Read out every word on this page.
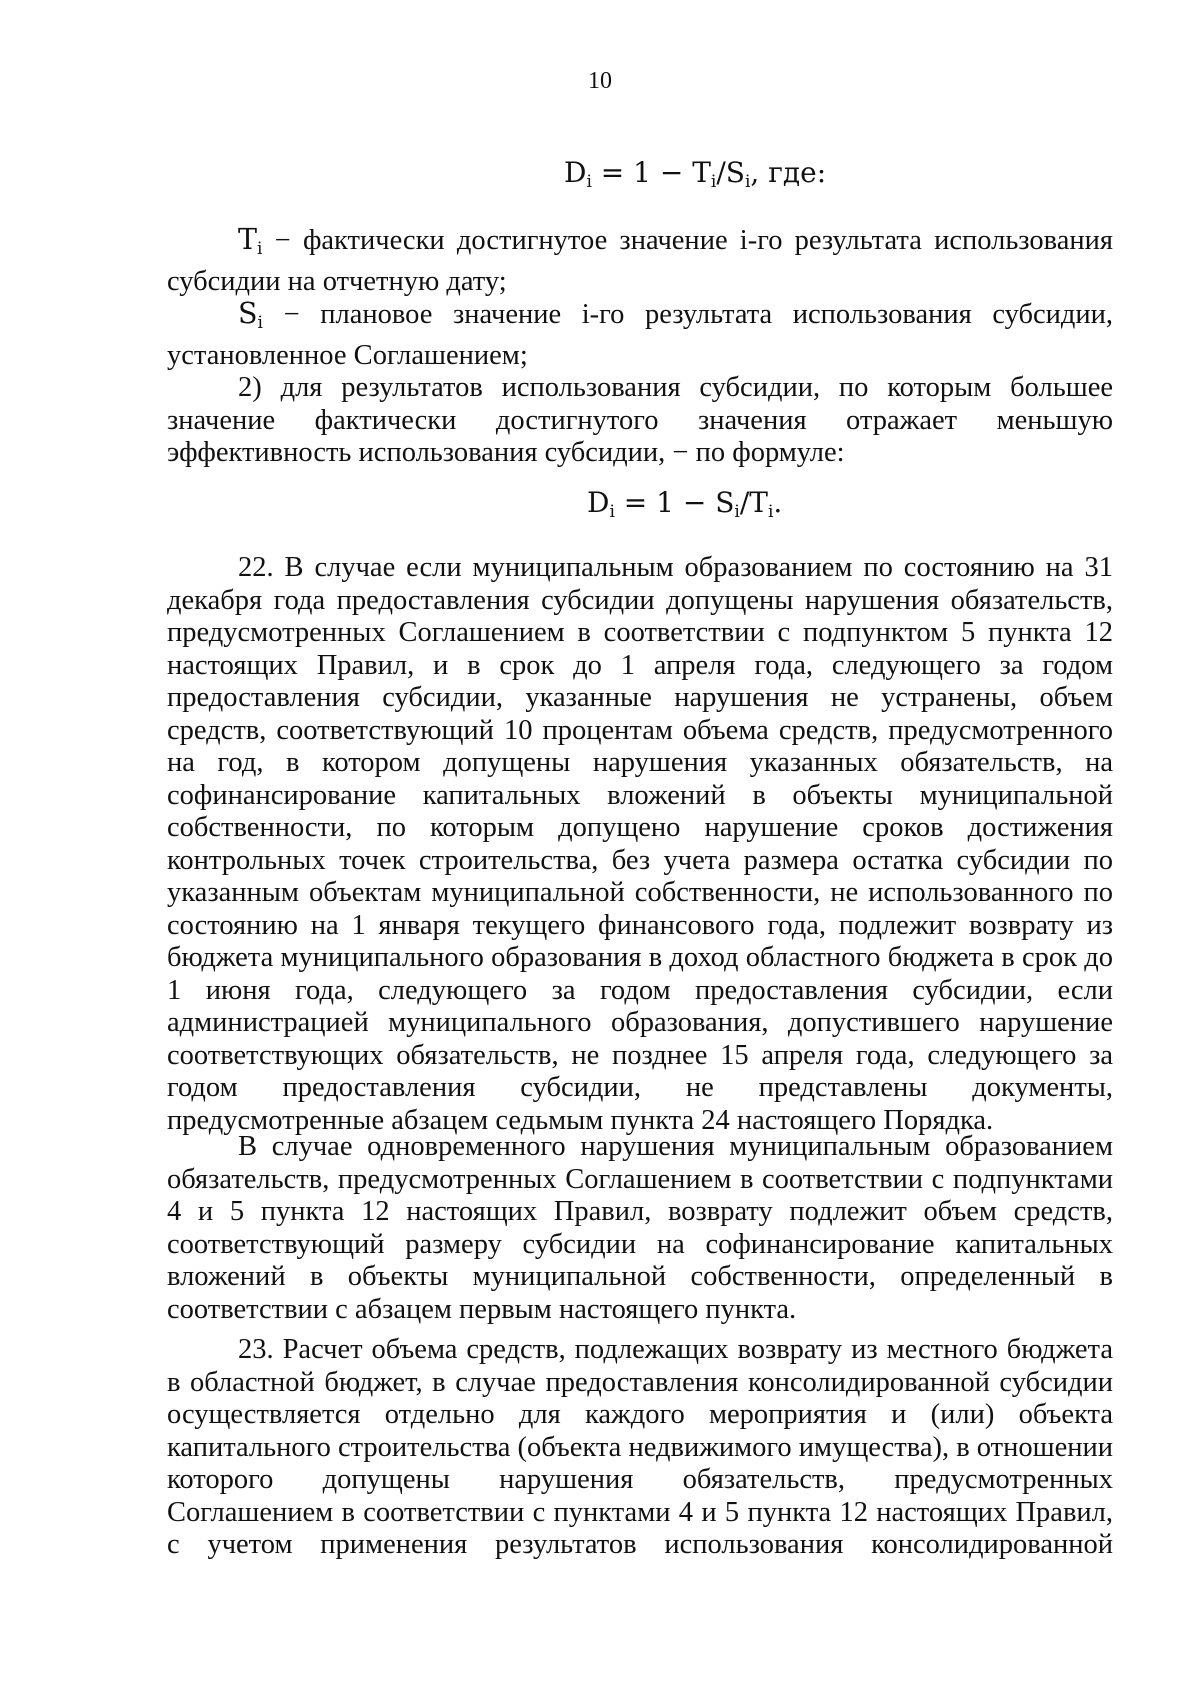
10
$D_i = 1 - T_i/S_i$, где:

$T_i$ − фактически достигнутое значение i-го результата использования

субсидии на отчетную дату;

$S_i$ − плановое значение i-го результата использования субсидии,

установленное Соглашением;

2) для результатов использования субсидии, по которым большее значение фактически достигнутого значения отражает меньшую эффективность использования субсидии, − по формуле:

$D_i = 1 - S_i/T_i$.

22. В случае если муниципальным образованием по состоянию на 31 декабря года предоставления субсидии допущены нарушения обязательств, предусмотренных Соглашением в соответствии с подпунктом 5 пункта 12 настоящих Правил, и в срок до 1 апреля года, следующего за годом предоставления субсидии, указанные нарушения не устранены, объем средств, соответствующий 10 процентам объема средств, предусмотренного на год, в котором допущены нарушения указанных обязательств, на софинансирование капитальных вложений в объекты муниципальной собственности, по которым допущено нарушение сроков достижения контрольных точек строительства, без учета размера остатка субсидии по указанным объектам муниципальной собственности, не использованного по состоянию на 1 января текущего финансового года, подлежит возврату из бюджета муниципального образования в доход областного бюджета в срок до 1 июня года, следующего за годом предоставления субсидии, если администрацией муниципального образования, допустившего нарушение соответствующих обязательств, не позднее 15 апреля года, следующего за годом предоставления субсидии, не представлены документы, предусмотренные абзацем седьмым пункта 24 настоящего Порядка.

В случае одновременного нарушения муниципальным образованием обязательств, предусмотренных Соглашением в соответствии с подпунктами 4 и 5 пункта 12 настоящих Правил, возврату подлежит объем средств, соответствующий размеру субсидии на софинансирование капитальных вложений в объекты муниципальной собственности, определенный в соответствии с абзацем первым настоящего пункта.

23. Расчет объема средств, подлежащих возврату из местного бюджета в областной бюджет, в случае предоставления консолидированной субсидии осуществляется отдельно для каждого мероприятия и (или) объекта капитального строительства (объекта недвижимого имущества), в отношении которого допущены нарушения обязательств, предусмотренных Соглашением в соответствии с пунктами 4 и 5 пункта 12 настоящих Правил, с учетом применения результатов использования консолидированной
